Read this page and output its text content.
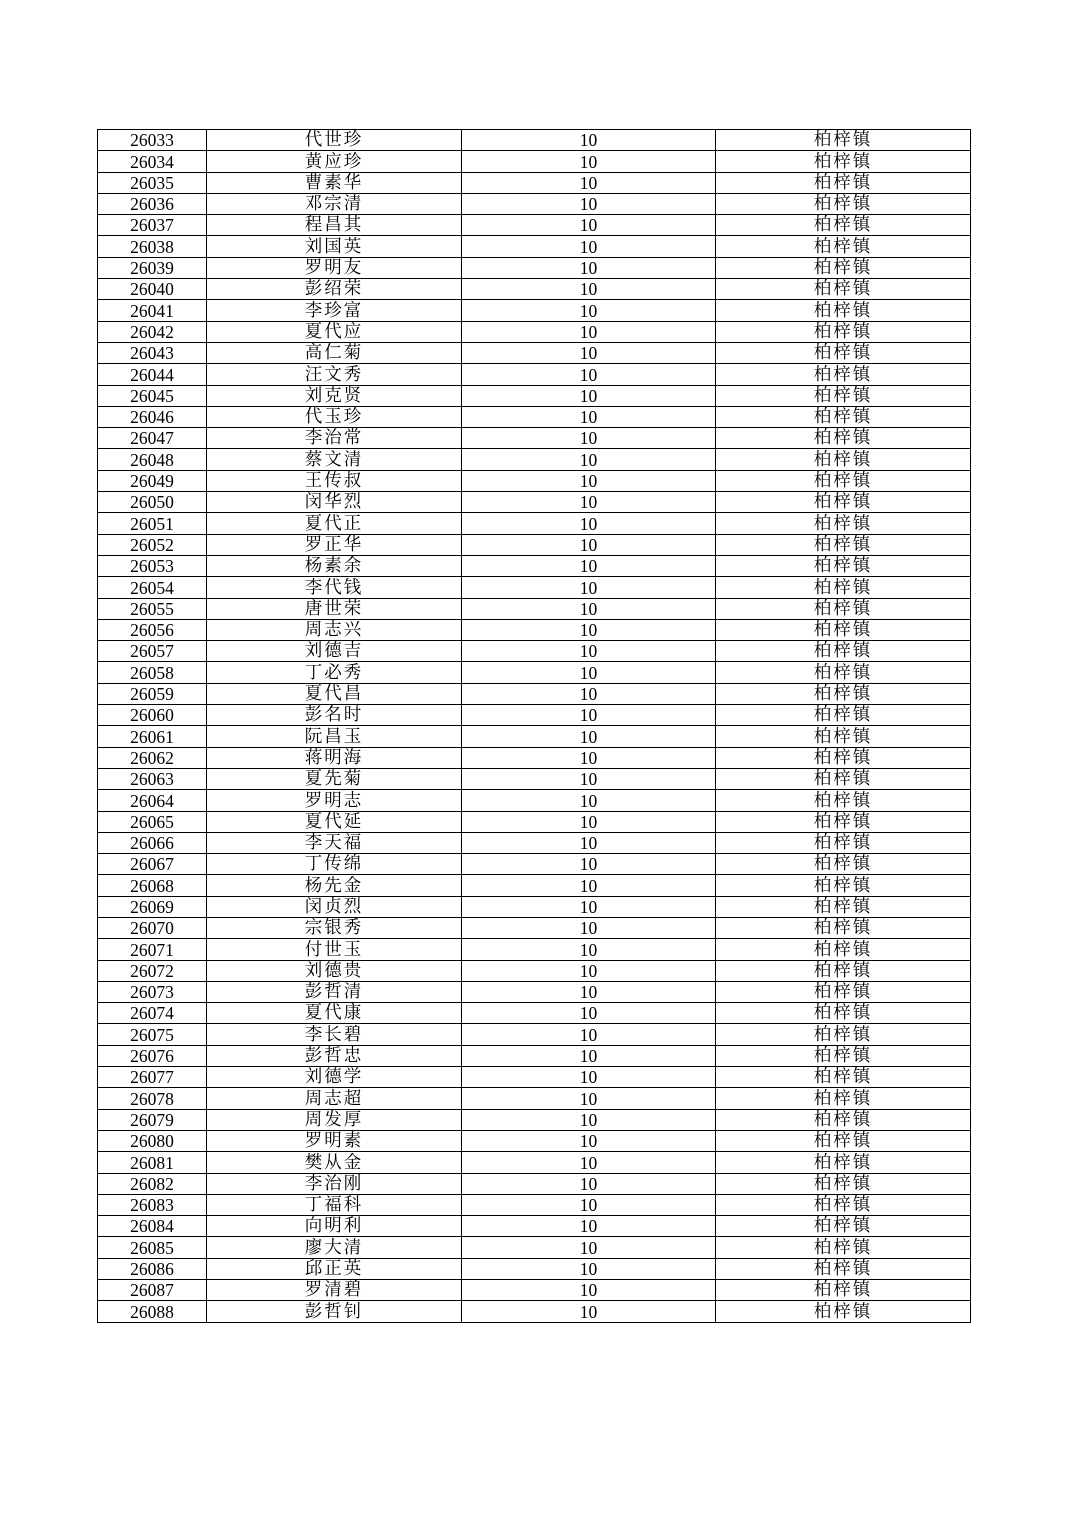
26033	代世珍	10	柏梓镇
26034	黄应珍	10	柏梓镇
26035	曹素华	10	柏梓镇
26036	邓宗清	10	柏梓镇
26037	程昌其	10	柏梓镇
26038	刘国英	10	柏梓镇
26039	罗明友	10	柏梓镇
26040	彭绍荣	10	柏梓镇
26041	李珍富	10	柏梓镇
26042	夏代应	10	柏梓镇
26043	高仁菊	10	柏梓镇
26044	汪文秀	10	柏梓镇
26045	刘克贤	10	柏梓镇
26046	代玉珍	10	柏梓镇
26047	李治常	10	柏梓镇
26048	蔡文清	10	柏梓镇
26049	王传叔	10	柏梓镇
26050	闵华烈	10	柏梓镇
26051	夏代正	10	柏梓镇
26052	罗正华	10	柏梓镇
26053	杨素余	10	柏梓镇
26054	李代钱	10	柏梓镇
26055	唐世荣	10	柏梓镇
26056	周志兴	10	柏梓镇
26057	刘德吉	10	柏梓镇
26058	丁必秀	10	柏梓镇
26059	夏代昌	10	柏梓镇
26060	彭名时	10	柏梓镇
26061	阮昌玉	10	柏梓镇
26062	蒋明海	10	柏梓镇
26063	夏先菊	10	柏梓镇
26064	罗明志	10	柏梓镇
26065	夏代延	10	柏梓镇
26066	李天福	10	柏梓镇
26067	丁传绵	10	柏梓镇
26068	杨先金	10	柏梓镇
26069	闵贞烈	10	柏梓镇
26070	宗银秀	10	柏梓镇
26071	付世玉	10	柏梓镇
26072	刘德贵	10	柏梓镇
26073	彭哲清	10	柏梓镇
26074	夏代康	10	柏梓镇
26075	李长碧	10	柏梓镇
26076	彭哲忠	10	柏梓镇
26077	刘德学	10	柏梓镇
26078	周志超	10	柏梓镇
26079	周发厚	10	柏梓镇
26080	罗明素	10	柏梓镇
26081	樊从金	10	柏梓镇
26082	李治刚	10	柏梓镇
26083	丁福科	10	柏梓镇
26084	向明利	10	柏梓镇
26085	廖大清	10	柏梓镇
26086	邱正英	10	柏梓镇
26087	罗清碧	10	柏梓镇
26088	彭哲钊	10	柏梓镇
